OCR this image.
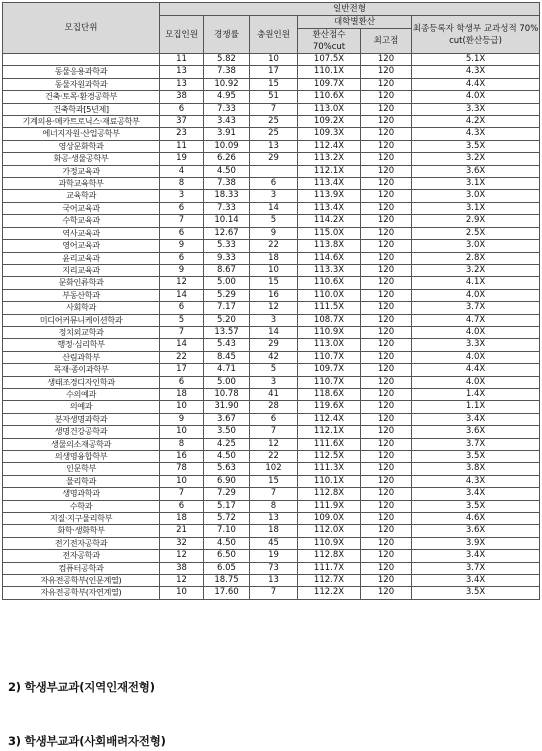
모집단위	일반전형					
	모집인원	경쟁률	충원인원	대학별환산		최종등록자 학생부 교과성적 70% cut(환산등급)
				환산점수 70%cut	최고점	
	11	5.82	10	107.5X	120	5.1X
동물응용과학과	13	7.38	17	110.1X	120	4.3X
동물자원과학과	13	10.92	15	109.7X	120	4.4X
건축·토목·환경공학부	38	4.95	51	110.6X	120	4.0X
건축학과[5년제]	6	7.33	7	113.0X	120	3.3X
기계의용·메카트로닉스·재료공학부	37	3.43	25	109.2X	120	4.2X
에너지자원·산업공학부	23	3.91	25	109.3X	120	4.3X
영상문화학과	11	10.09	13	112.4X	120	3.5X
화공·생물공학부	19	6.26	29	113.2X	120	3.2X
가정교육과	4	4.50		112.1X	120	3.6X
과학교육학부	8	7.38	6	113.4X	120	3.1X
교육학과	3	18.33	3	113.9X	120	3.0X
국어교육과	6	7.33	14	113.4X	120	3.1X
수학교육과	7	10.14	5	114.2X	120	2.9X
역사교육과	6	12.67	9	115.0X	120	2.5X
영어교육과	9	5.33	22	113.8X	120	3.0X
윤리교육과	6	9.33	18	114.6X	120	2.8X
지리교육과	9	8.67	10	113.3X	120	3.2X
문화인류학과	12	5.00	15	110.6X	120	4.1X
부동산학과	14	5.29	16	110.0X	120	4.0X
사회학과	6	7.17	12	111.5X	120	3.7X
미디어커뮤니케이션학과	5	5.20	3	108.7X	120	4.7X
정치외교학과	7	13.57	14	110.9X	120	4.0X
행정·심리학부	14	5.43	29	113.0X	120	3.3X
산림과학부	22	8.45	42	110.7X	120	4.0X
목재·종이과학부	17	4.71	5	109.7X	120	4.4X
생태조경디자인학과	6	5.00	3	110.7X	120	4.0X
수의예과	18	10.78	41	118.6X	120	1.4X
의예과	10	31.90	28	119.6X	120	1.1X
분자생명과학과	9	3.67	6	112.4X	120	3.4X
생명건강공학과	10	3.50	7	112.1X	120	3.6X
생물의소재공학과	8	4.25	12	111.6X	120	3.7X
의생명융합학부	16	4.50	22	112.5X	120	3.5X
인문학부	78	5.63	102	111.3X	120	3.8X
물리학과	10	6.90	15	110.1X	120	4.3X
생명과학과	7	7.29	7	112.8X	120	3.4X
수학과	6	5.17	8	111.9X	120	3.5X
지질·지구물리학부	18	5.72	13	109.0X	120	4.6X
화학·생화학부	21	7.10	18	112.0X	120	3.6X
전기전자공학과	32	4.50	45	110.9X	120	3.9X
전자공학과	12	6.50	19	112.8X	120	3.4X
컴퓨터공학과	38	6.05	73	111.7X	120	3.7X
자유전공학부(인문계열)	12	18.75	13	112.7X	120	3.4X
자유전공학부(자연계열)	10	17.60	7	112.2X	120	3.5X
2) 학생부교과(지역인재전형)
3) 학생부교과(사회배려자전형)
